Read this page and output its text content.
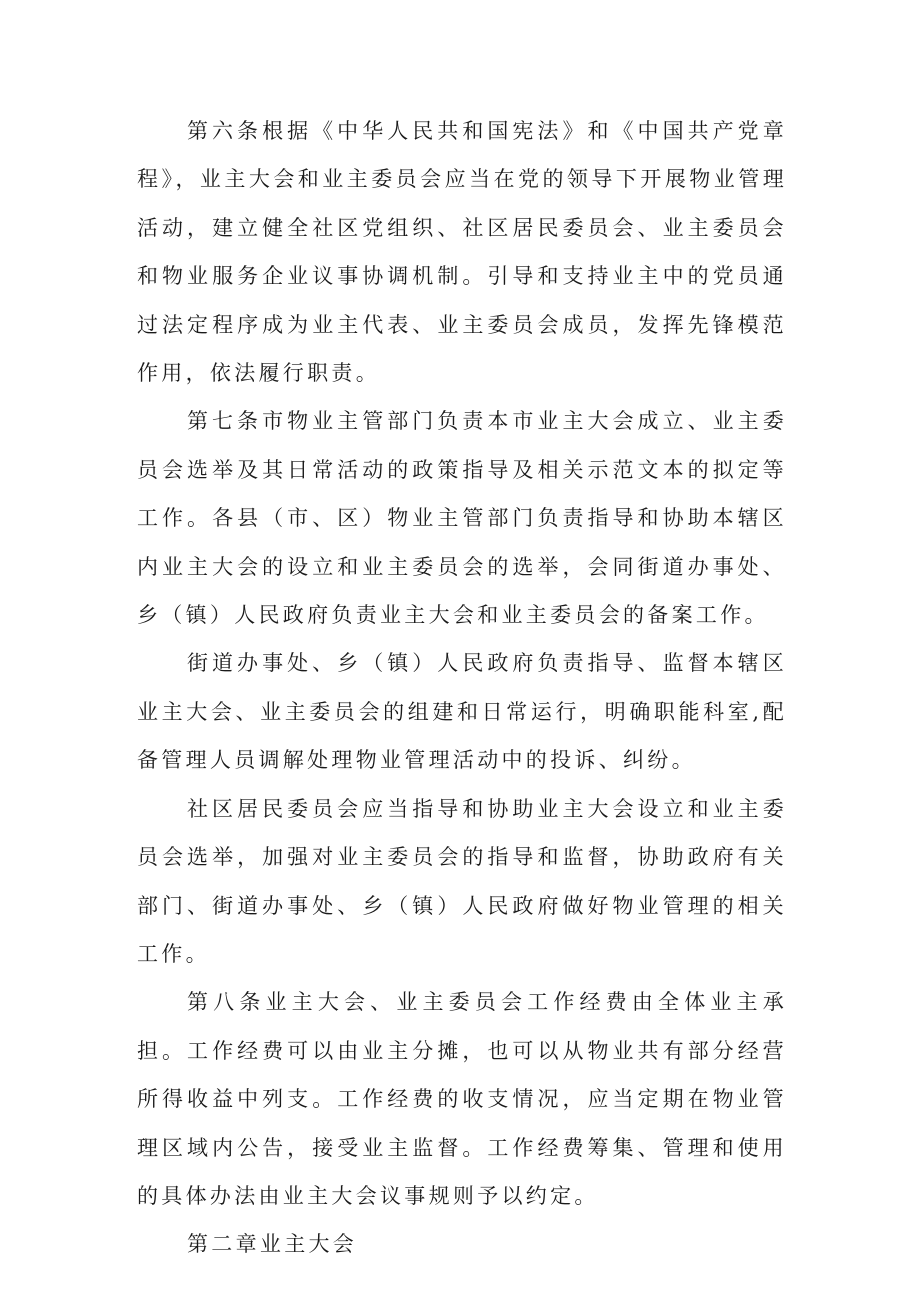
第六条根据《中华人民共和国宪法》和《中国共产党章程》，业主大会和业主委员会应当在党的领导下开展物业管理活动，建立健全社区党组织、社区居民委员会、业主委员会和物业服务企业议事协调机制。引导和支持业主中的党员通过法定程序成为业主代表、业主委员会成员，发挥先锋模范作用，依法履行职责。

第七条市物业主管部门负责本市业主大会成立、业主委员会选举及其日常活动的政策指导及相关示范文本的拟定等工作。各县（市、区）物业主管部门负责指导和协助本辖区内业主大会的设立和业主委员会的选举，会同街道办事处、乡（镇）人民政府负责业主大会和业主委员会的备案工作。

街道办事处、乡（镇）人民政府负责指导、监督本辖区业主大会、业主委员会的组建和日常运行，明确职能科室,配备管理人员调解处理物业管理活动中的投诉、纠纷。

社区居民委员会应当指导和协助业主大会设立和业主委员会选举，加强对业主委员会的指导和监督，协助政府有关部门、街道办事处、乡（镇）人民政府做好物业管理的相关工作。

第八条业主大会、业主委员会工作经费由全体业主承担。工作经费可以由业主分摊，也可以从物业共有部分经营所得收益中列支。工作经费的收支情况，应当定期在物业管理区域内公告，接受业主监督。工作经费筹集、管理和使用的具体办法由业主大会议事规则予以约定。

第二章业主大会
